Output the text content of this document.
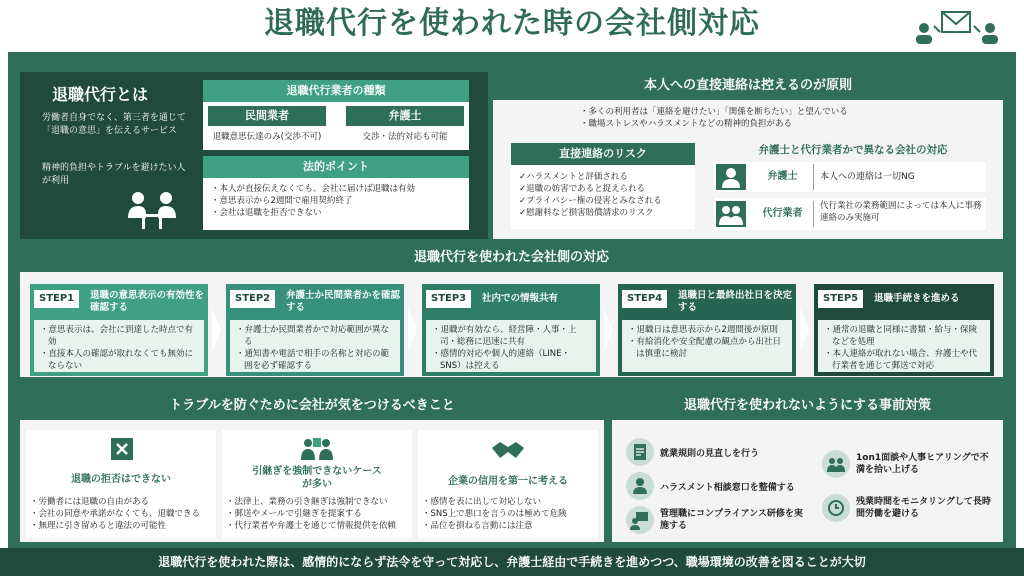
退職代行を使われた時の会社側対応
退職代行とは
労働者自身でなく、第三者を通じて「退職の意思」を伝えるサービス
精神的負担やトラブルを避けたい人が利用
退職代行業者の種類
民間業者
退職意思伝達のみ(交渉不可)
弁護士
交渉・法的対応も可能
法的ポイント
・ 本人が直接伝えなくても、会社に届けば退職は有効
・ 意思表示から2週間で雇用契約終了
・ 会社は退職を拒否できない
本人への直接連絡は控えるのが原則
・ 多くの利用者は「連絡を避けたい」「関係を断ちたい」と望んでいる
・ 職場ストレスやハラスメントなどの精神的負担がある
直接連絡のリスク
✓ ハラスメントと評価される
✓ 退職の妨害であると捉えられる
✓ プライバシー権の侵害とみなされる
✓ 慰謝料など損害賠償請求のリスク
弁護士と代行業者かで異なる会社の対応
弁護士	本人への連絡は一切NG
代行業者
代行業社の業務範囲によっては本人に事務連絡のみ実施可
退職代行を使われた会社側の対応
STEP1	退職の意思表示の有効性を確認する
・ 意思表示は、会社に到達した時点で有効
・ 直接本人の確認が取れなくても無効にならない
STEP2	弁護士か民間業者かを確認する
・ 弁護士か民間業者かで対応範囲が異なる
・ 通知書や電話で相手の名称と対応の範囲を必ず確認する
STEP3	社内での情報共有
・ 退職が有効なら、経営陣・人事・上司・総務に迅速に共有
・ 感情的対応や個人的連絡（LINE・SNS）は控える
STEP4	退職日と最終出社日を決定する
・ 退職日は意思表示から2週間後が原則
・ 有給消化や安全配慮の観点から出社日は慎重に検討
STEP5	退職手続きを進める
・ 通常の退職と同様に書類・給与・保険などを処理
・ 本人連絡が取れない場合、弁護士や代行業者を通じて郵送で対応
トラブルを防ぐために会社が気をつけるべきこと
退職の拒否はできない
・ 労働者には退職の自由がある
・ 会社の同意や承諾がなくても、退職できる
・ 無理に引き留めると違法の可能性
引継ぎを強制できないケースが多い
・ 法律上、業務の引き継ぎは強制できない
・ 郵送やメールで引継ぎを提案する
・ 代行業者や弁護士を通じて情報提供を依頼
企業の信用を第一に考える
・ 感情を表に出して対応しない
・ SNS上で悪口を言うのは極めて危険
・ 品位を損ねる言動には注意
退職代行を使われないようにする事前対策
就業規則の見直しを行う
ハラスメント相談窓口を整備する
管理職にコンプライアンス研修を実施する
1on1面談や人事ヒアリングで不満を拾い上げる
残業時間をモニタリングして長時間労働を避ける
退職代行を使われた際は、感情的にならず法令を守って対応し、弁護士経由で手続きを進めつつ、職場環境の改善を図ることが大切
